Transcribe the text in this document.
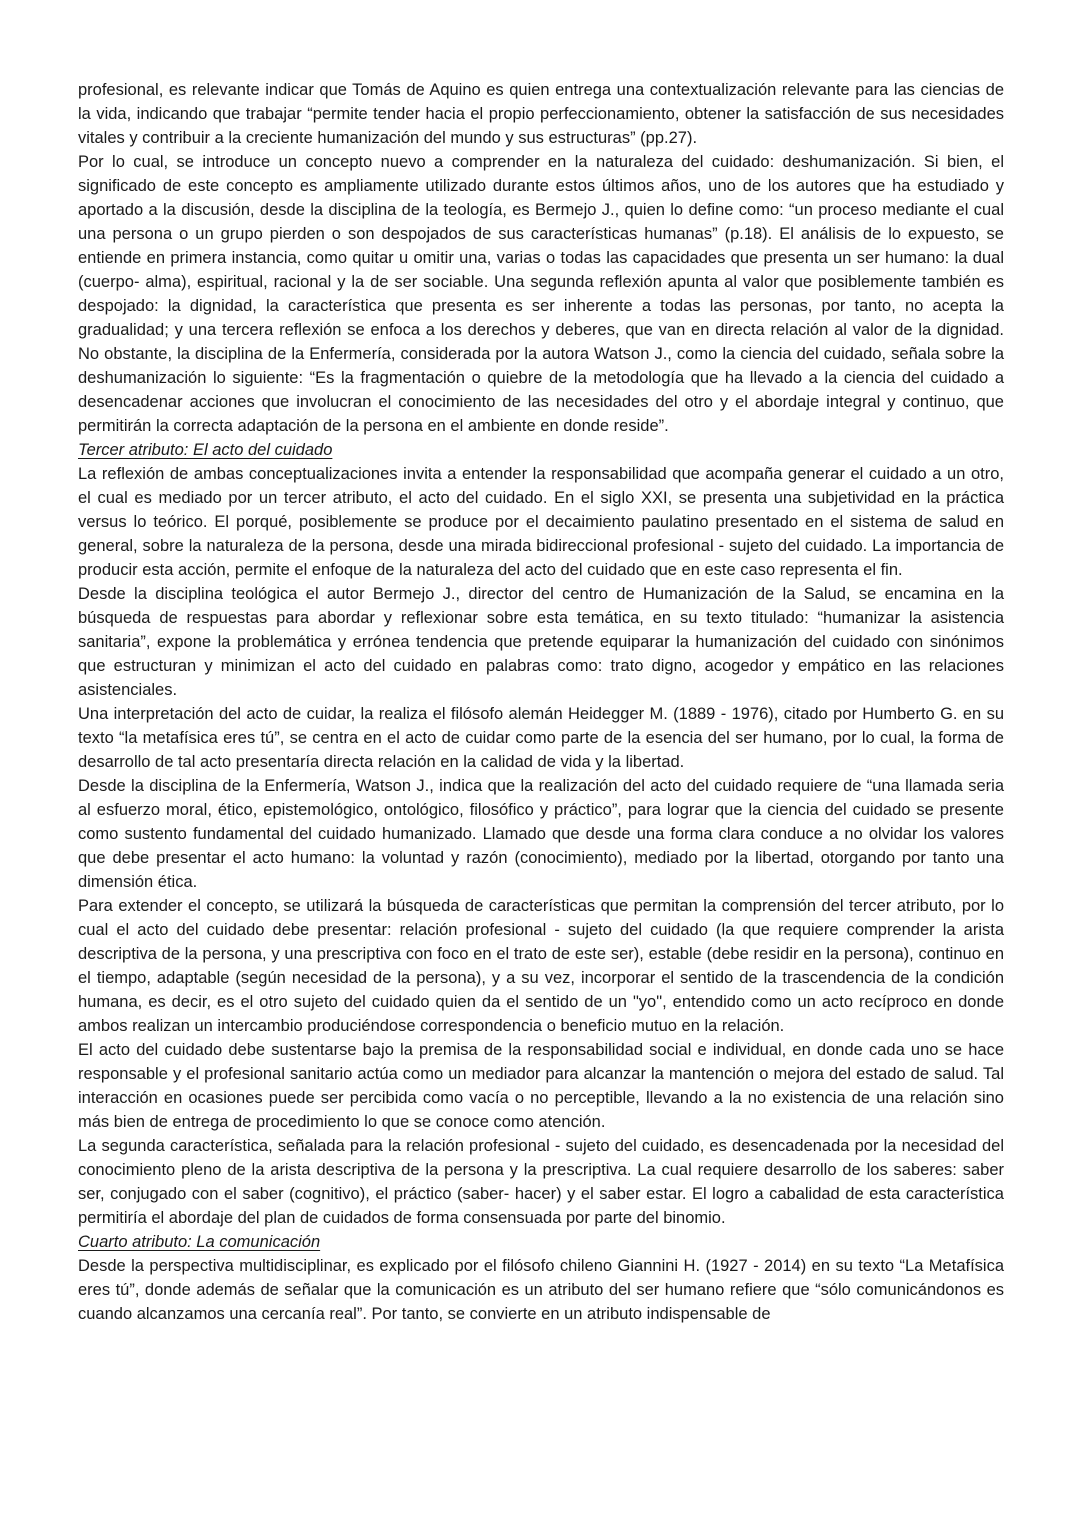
profesional, es relevante indicar que Tomás de Aquino es quien entrega una contextualización relevante para las ciencias de la vida, indicando que trabajar “permite tender hacia el propio perfeccionamiento, obtener la satisfacción de sus necesidades vitales y contribuir a la creciente humanización del mundo y sus estructuras” (pp.27).

Por lo cual, se introduce un concepto nuevo a comprender en la naturaleza del cuidado: deshumanización. Si bien, el significado de este concepto es ampliamente utilizado durante estos últimos años, uno de los autores que ha estudiado y aportado a la discusión, desde la disciplina de la teología, es Bermejo J., quien lo define como: “un proceso mediante el cual una persona o un grupo pierden o son despojados de sus características humanas” (p.18). El análisis de lo expuesto, se entiende en primera instancia, como quitar u omitir una, varias o todas las capacidades que presenta un ser humano: la dual (cuerpo- alma), espiritual, racional y la de ser sociable. Una segunda reflexión apunta al valor que posiblemente también es despojado: la dignidad, la característica que presenta es ser inherente a todas las personas, por tanto, no acepta la gradualidad; y una tercera reflexión se enfoca a los derechos y deberes, que van en directa relación al valor de la dignidad. No obstante, la disciplina de la Enfermería, considerada por la autora Watson J., como la ciencia del cuidado, señala sobre la deshumanización lo siguiente: “Es la fragmentación o quiebre de la metodología que ha llevado a la ciencia del cuidado a desencadenar acciones que involucran el conocimiento de las necesidades del otro y el abordaje integral y continuo, que permitirán la correcta adaptación de la persona en el ambiente en donde reside”.

Tercer atributo: El acto del cuidado

La reflexión de ambas conceptualizaciones invita a entender la responsabilidad que acompaña generar el cuidado a un otro, el cual es mediado por un tercer atributo, el acto del cuidado. En el siglo XXI, se presenta una subjetividad en la práctica versus lo teórico. El porqué, posiblemente se produce por el decaimiento paulatino presentado en el sistema de salud en general, sobre la naturaleza de la persona, desde una mirada bidireccional profesional - sujeto del cuidado. La importancia de producir esta acción, permite el enfoque de la naturaleza del acto del cuidado que en este caso representa el fin.

Desde la disciplina teológica el autor Bermejo J., director del centro de Humanización de la Salud, se encamina en la búsqueda de respuestas para abordar y reflexionar sobre esta temática, en su texto titulado: “humanizar la asistencia sanitaria”, expone la problemática y errónea tendencia que pretende equiparar la humanización del cuidado con sinónimos que estructuran y minimizan el acto del cuidado en palabras como: trato digno, acogedor y empático en las relaciones asistenciales.

Una interpretación del acto de cuidar, la realiza el filósofo alemán Heidegger M. (1889 - 1976), citado por Humberto G. en su texto “la metafísica eres tú”, se centra en el acto de cuidar como parte de la esencia del ser humano, por lo cual, la forma de desarrollo de tal acto presentaría directa relación en la calidad de vida y la libertad.

Desde la disciplina de la Enfermería, Watson J., indica que la realización del acto del cuidado requiere de “una llamada seria al esfuerzo moral, ético, epistemológico, ontológico, filosófico y práctico”, para lograr que la ciencia del cuidado se presente como sustento fundamental del cuidado humanizado. Llamado que desde una forma clara conduce a no olvidar los valores que debe presentar el acto humano: la voluntad y razón (conocimiento), mediado por la libertad, otorgando por tanto una dimensión ética.

Para extender el concepto, se utilizará la búsqueda de características que permitan la comprensión del tercer atributo, por lo cual el acto del cuidado debe presentar: relación profesional - sujeto del cuidado (la que requiere comprender la arista descriptiva de la persona, y una prescriptiva con foco en el trato de este ser), estable (debe residir en la persona), continuo en el tiempo, adaptable (según necesidad de la persona), y a su vez, incorporar el sentido de la trascendencia de la condición humana, es decir, es el otro sujeto del cuidado quien da el sentido de un "yo", entendido como un acto recíproco en donde ambos realizan un intercambio produciéndose correspondencia o beneficio mutuo en la relación.

El acto del cuidado debe sustentarse bajo la premisa de la responsabilidad social e individual, en donde cada uno se hace responsable y el profesional sanitario actúa como un mediador para alcanzar la mantención o mejora del estado de salud. Tal interacción en ocasiones puede ser percibida como vacía o no perceptible, llevando a la no existencia de una relación sino más bien de entrega de procedimiento lo que se conoce como atención.

La segunda característica, señalada para la relación profesional - sujeto del cuidado, es desencadenada por la necesidad del conocimiento pleno de la arista descriptiva de la persona y la prescriptiva. La cual requiere desarrollo de los saberes: saber ser, conjugado con el saber (cognitivo), el práctico (saber- hacer) y el saber estar. El logro a cabalidad de esta característica permitiría el abordaje del plan de cuidados de forma consensuada por parte del binomio.

Cuarto atributo: La comunicación

Desde la perspectiva multidisciplinar, es explicado por el filósofo chileno Giannini H. (1927 - 2014) en su texto “La Metafísica eres tú”, donde además de señalar que la comunicación es un atributo del ser humano refiere que “sólo comunicándonos es cuando alcanzamos una cercanía real”. Por tanto, se convierte en un atributo indispensable de
